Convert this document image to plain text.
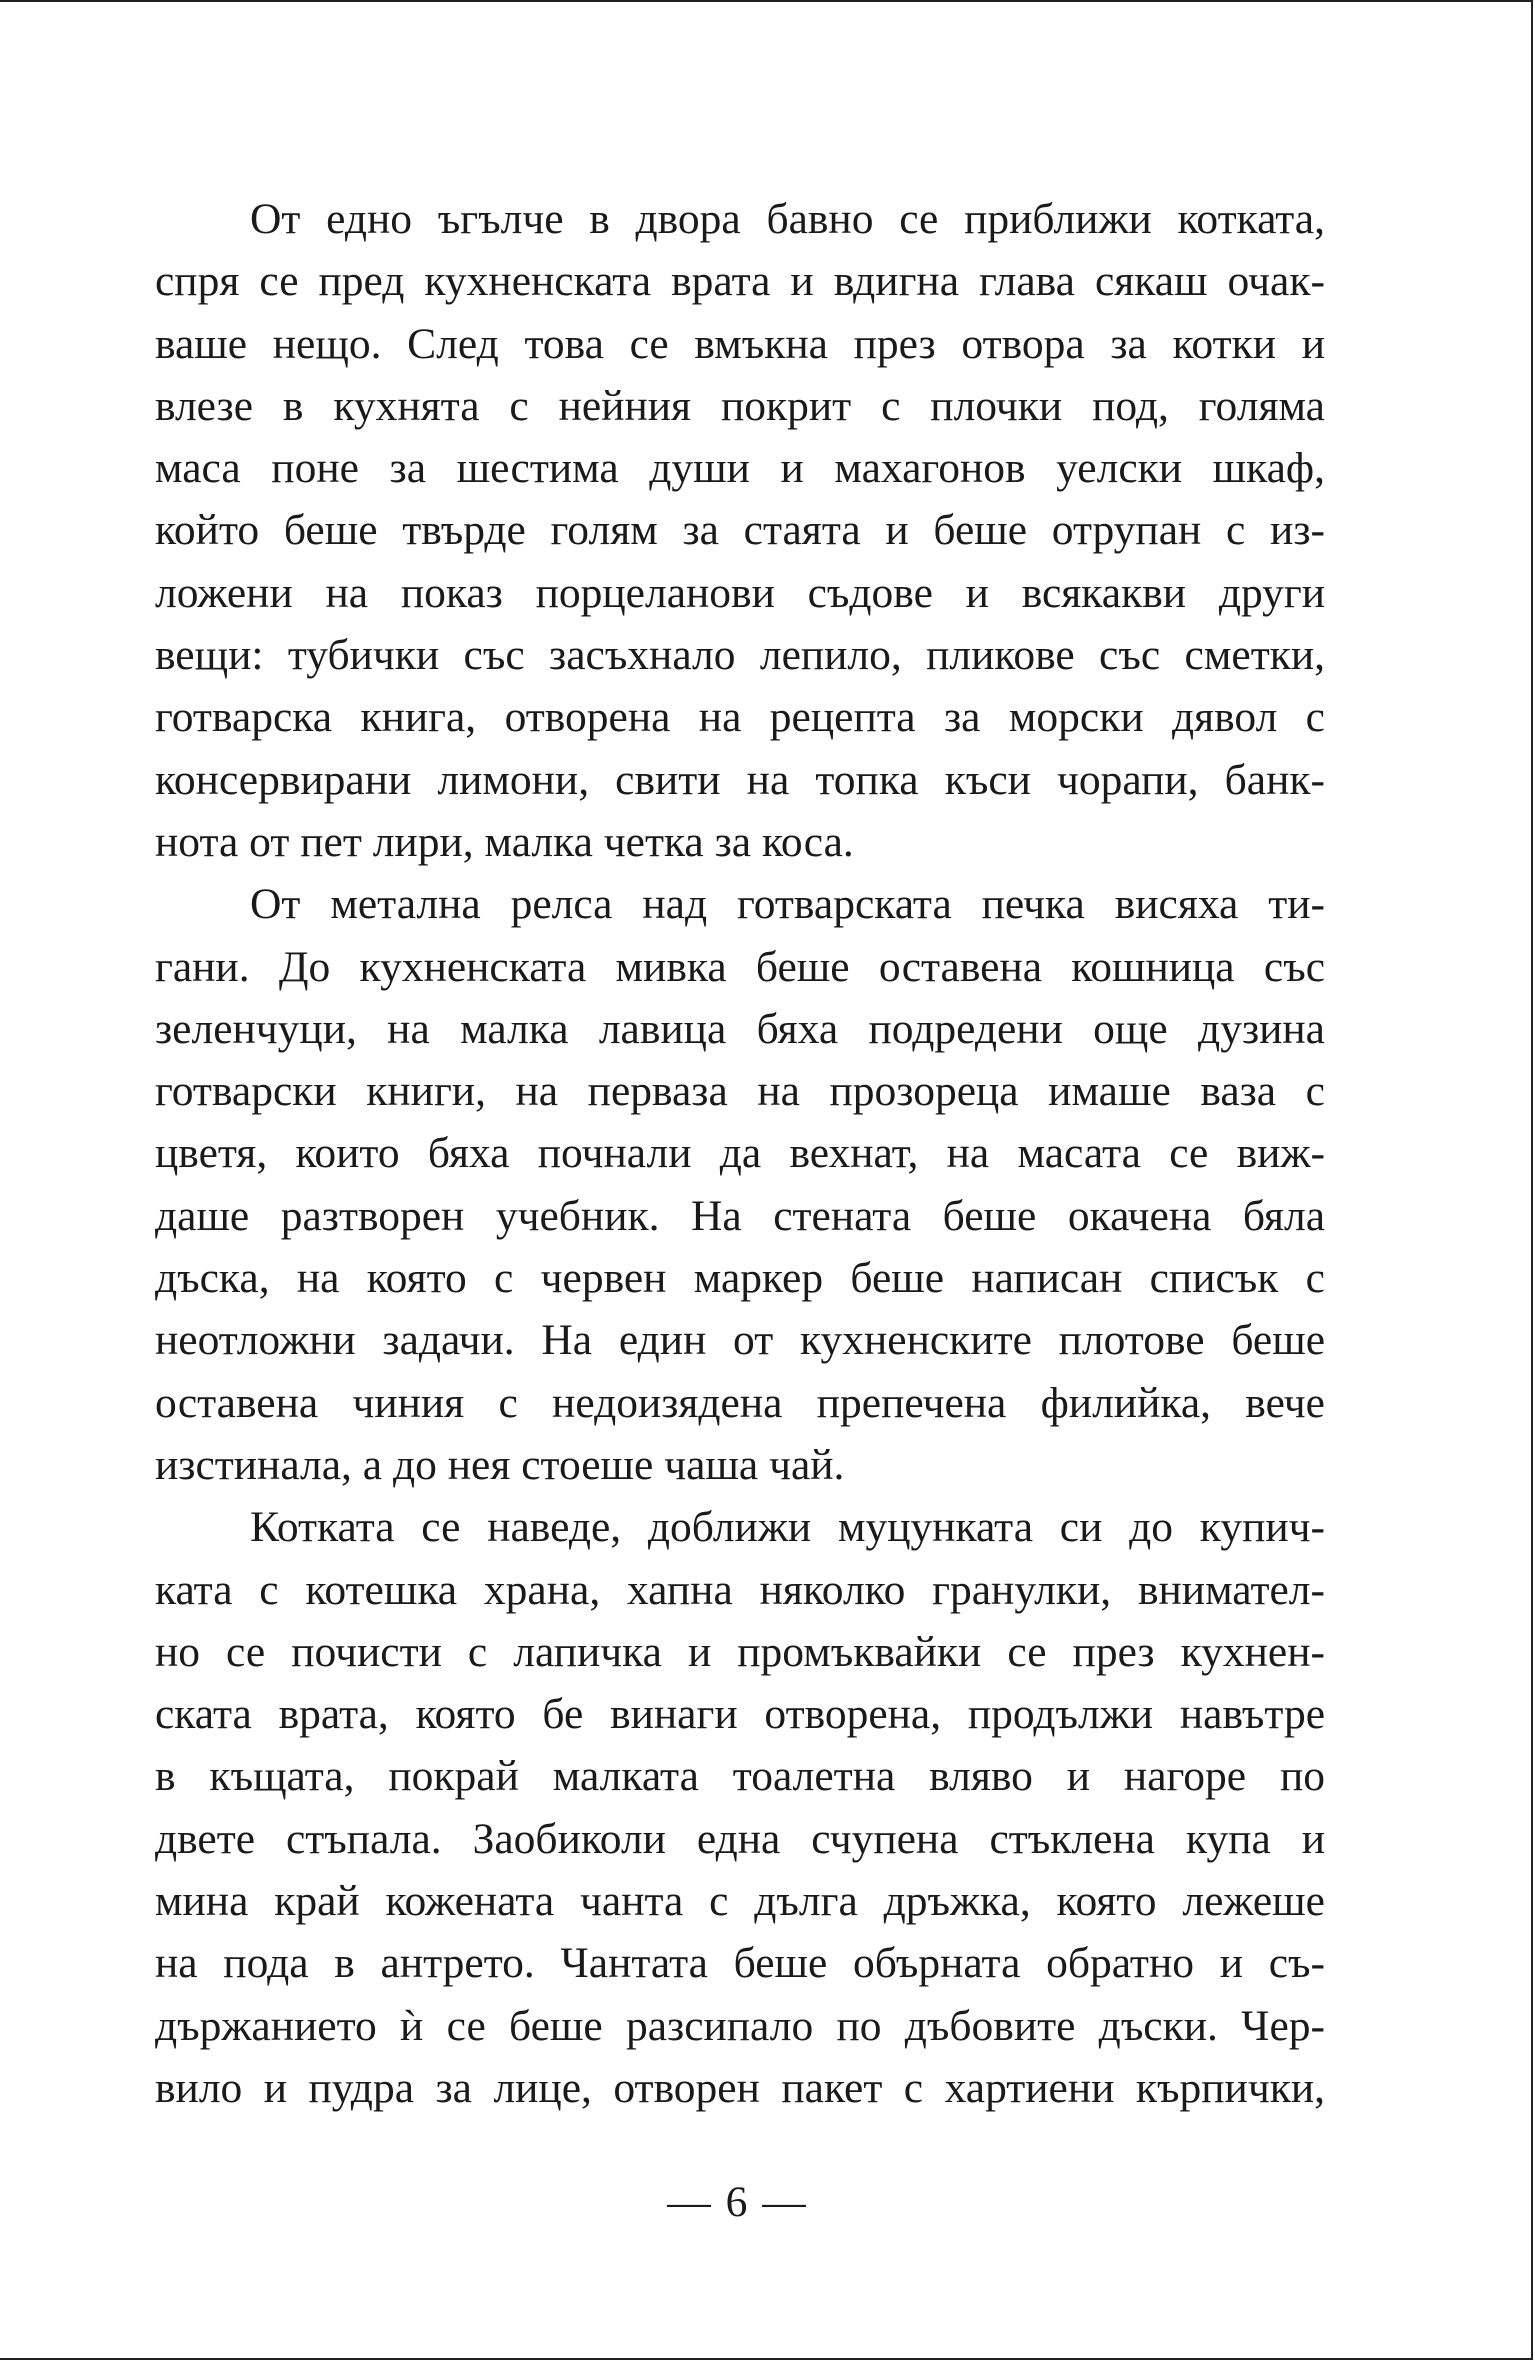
От едно ъгълче в двора бавно се приближи котката,
спря се пред кухненската врата и вдигна глава сякаш очак-
ваше нещо. След това се вмъкна през отвора за котки и
влезе в кухнята с нейния покрит с плочки под, голяма
маса поне за шестима души и махагонов уелски шкаф,
който беше твърде голям за стаята и беше отрупан с из-
ложени на показ порцеланови съдове и всякакви други
вещи: тубички със засъхнало лепило, пликове със сметки,
готварска книга, отворена на рецепта за морски дявол с
консервирани лимони, свити на топка къси чорапи, банк-
нота от пет лири, малка четка за коса.
От метална релса над готварската печка висяха ти-
гани. До кухненската мивка беше оставена кошница със
зеленчуци, на малка лавица бяха подредени още дузина
готварски книги, на перваза на прозореца имаше ваза с
цветя, които бяха почнали да вехнат, на масата се виж-
даше разтворен учебник. На стената беше окачена бяла
дъска, на която с червен маркер беше написан списък с
неотложни задачи. На един от кухненските плотове беше
оставена чиния с недоизядена препечена филийка, вече
изстинала, а до нея стоеше чаша чай.
Котката се наведе, доближи муцунката си до купич-
ката с котешка храна, хапна няколко гранулки, внимател-
но се почисти с лапичка и промъквайки се през кухнен-
ската врата, която бе винаги отворена, продължи навътре
в къщата, покрай малката тоалетна вляво и нагоре по
двете стъпала. Заобиколи една счупена стъклена купа и
мина край кожената чанта с дълга дръжка, която лежеше
на пода в антрето. Чантата беше обърната обратно и съ-
държанието ѝ се беше разсипало по дъбовите дъски. Чер-
вило и пудра за лице, отворен пакет с хартиени кърпички,
— 6 —
